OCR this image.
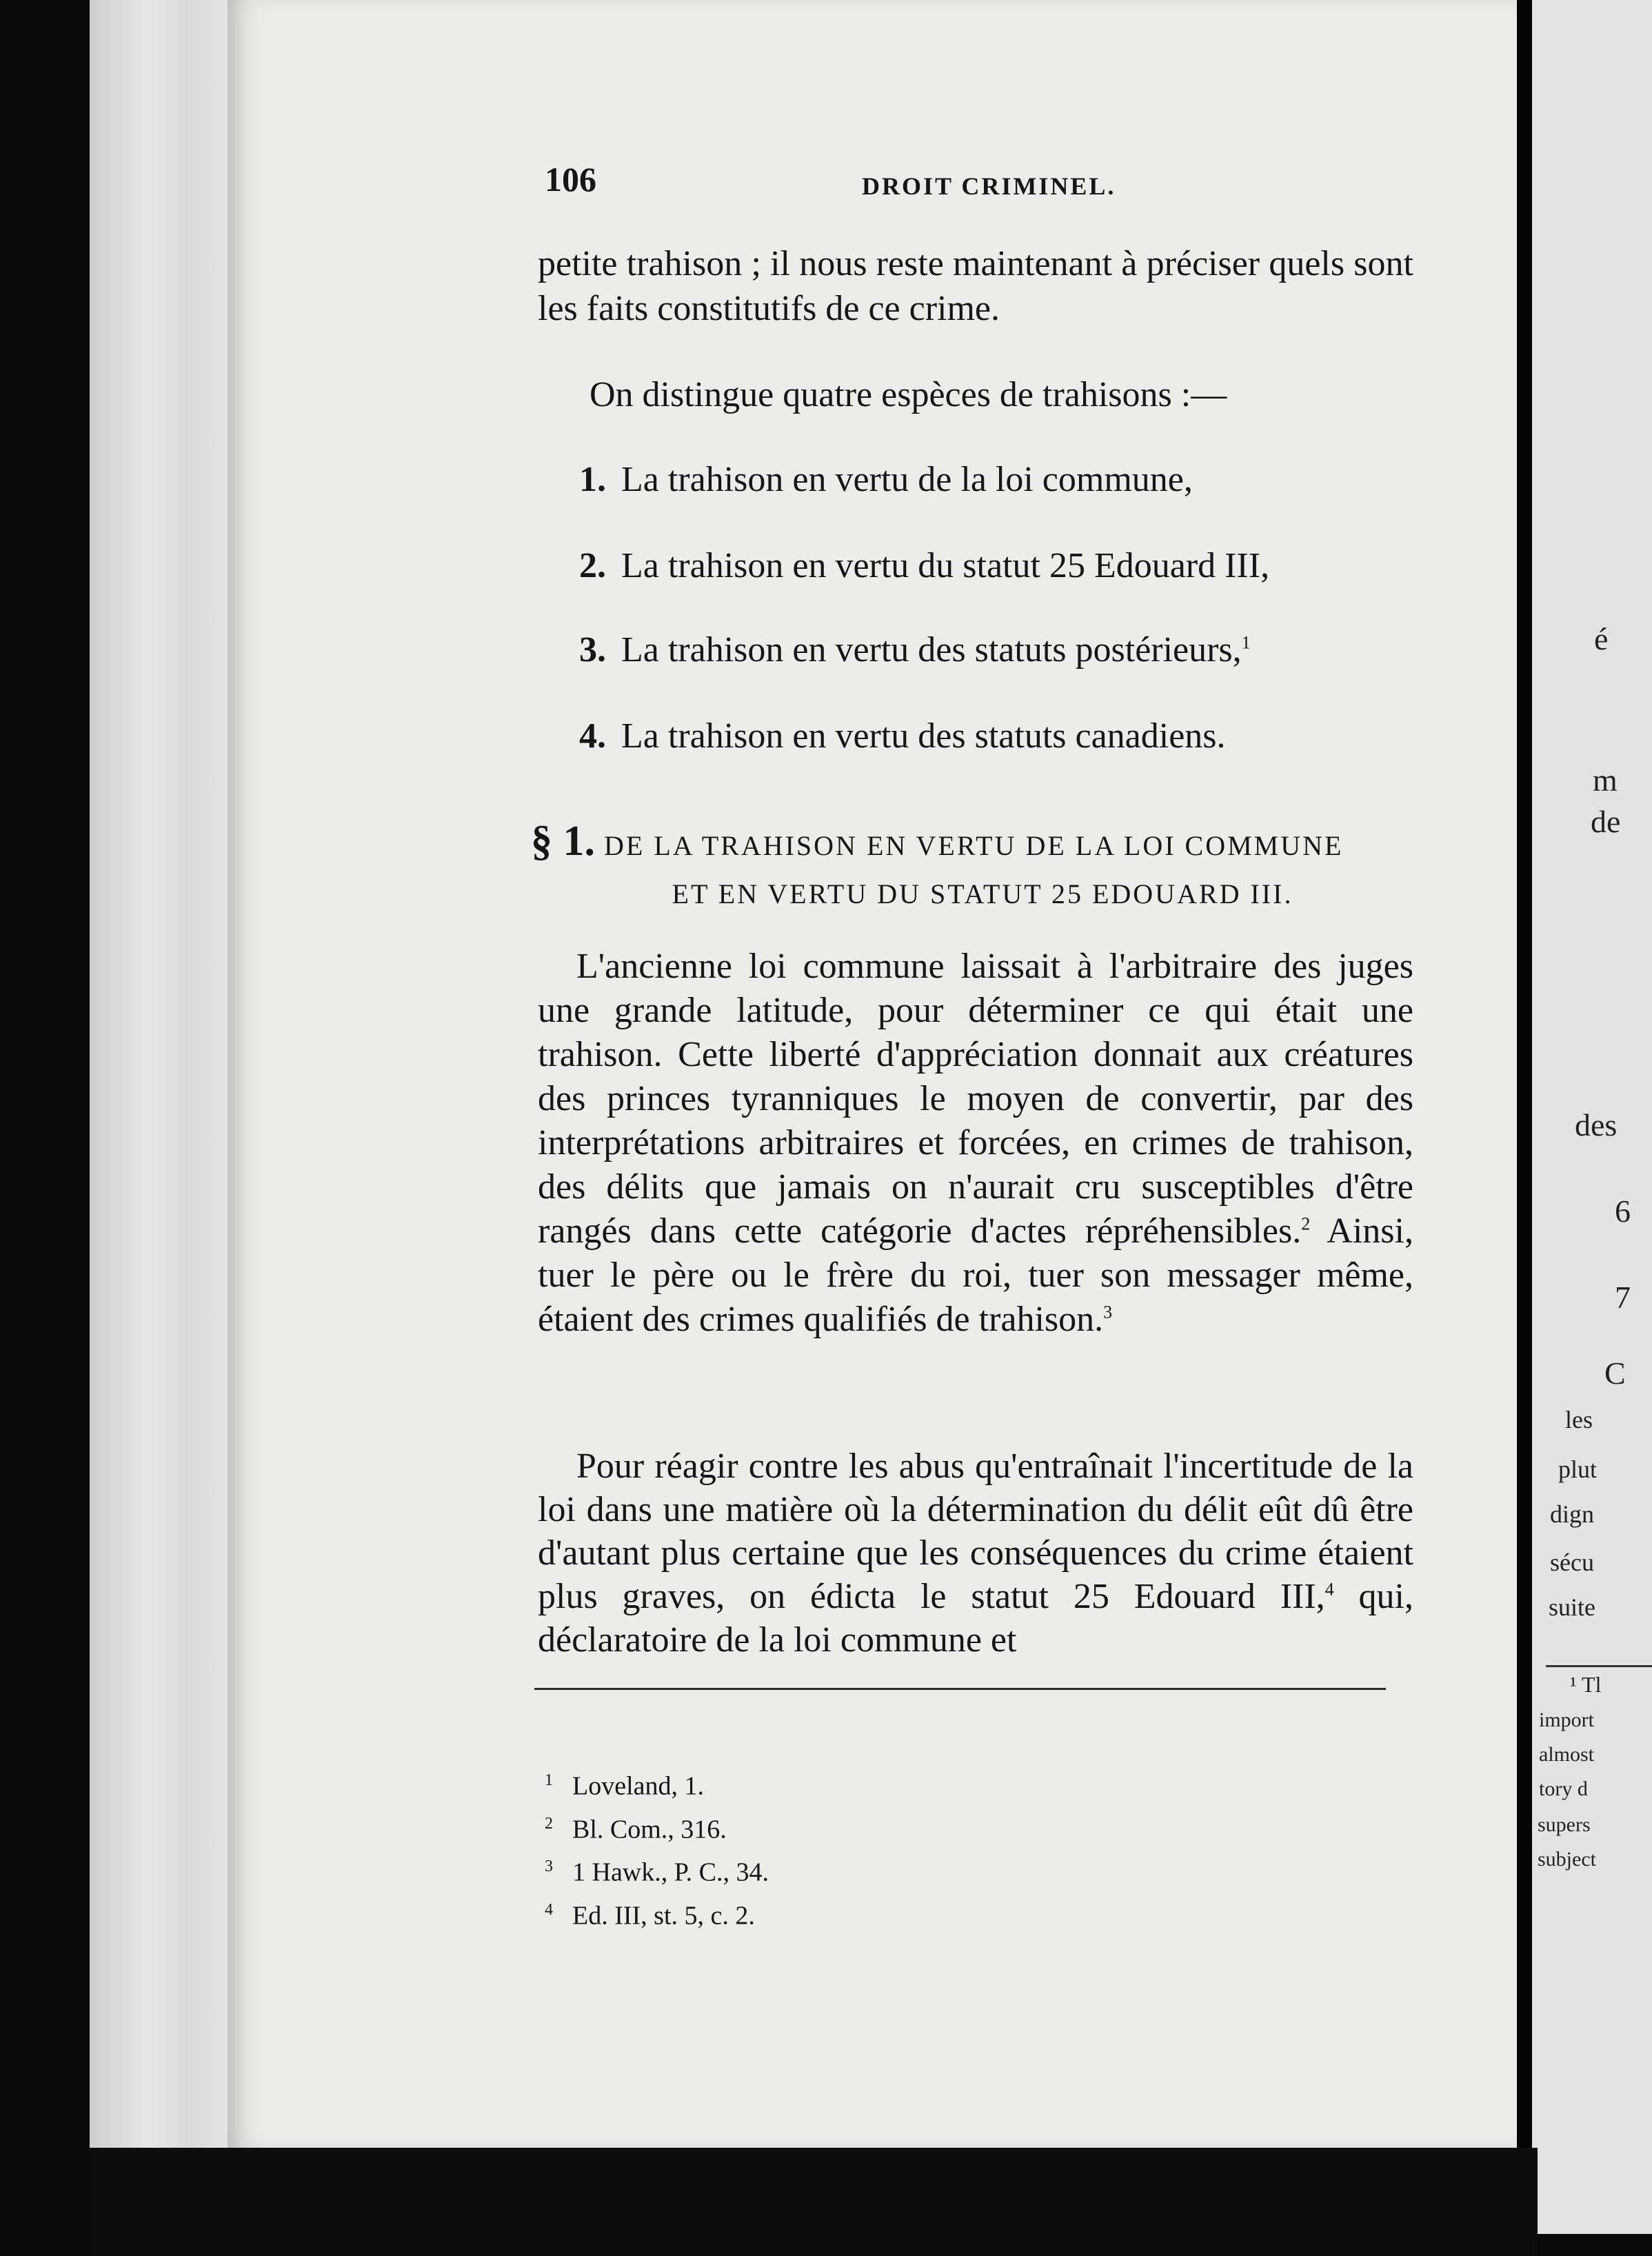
é
m
de
des
6
7
C
les
plut
dign
sécu
suite
¹ Tl
import
almost
tory d
supers
subject
106	DROIT CRIMINEL.

petite trahison ; il nous reste maintenant à préciser quels sont les faits constitutifs de ce crime.

On distingue quatre espèces de trahisons :—

1. La trahison en vertu de la loi commune,
2. La trahison en vertu du statut 25 Edouard III,
3. La trahison en vertu des statuts postérieurs,$^1$
4. La trahison en vertu des statuts canadiens.
§ 1. DE LA TRAHISON EN VERTU DE LA LOI COMMUNE
ET EN VERTU DU STATUT 25 EDOUARD III.

L'ancienne loi commune laissait à l'arbitraire des juges une grande latitude, pour déterminer ce qui était une trahison. Cette liberté d'appréciation donnait aux créatures des princes tyranniques le moyen de convertir, par des interprétations arbitraires et forcées, en crimes de trahison, des délits que jamais on n'aurait cru susceptibles d'être rangés dans cette catégorie d'actes répréhensibles.$^2$ Ainsi, tuer le père ou le frère du roi, tuer son messager même, étaient des crimes qualifiés de trahison.$^3$

Pour réagir contre les abus qu'entraînait l'incertitude de la loi dans une matière où la détermination du délit eût dû être d'autant plus certaine que les conséquences du crime étaient plus graves, on édicta le statut 25 Edouard III,$^4$ qui, déclaratoire de la loi commune et

1 Loveland, 1.
2 Bl. Com., 316.
3 1 Hawk., P. C., 34.
4 Ed. III, st. 5, c. 2.
